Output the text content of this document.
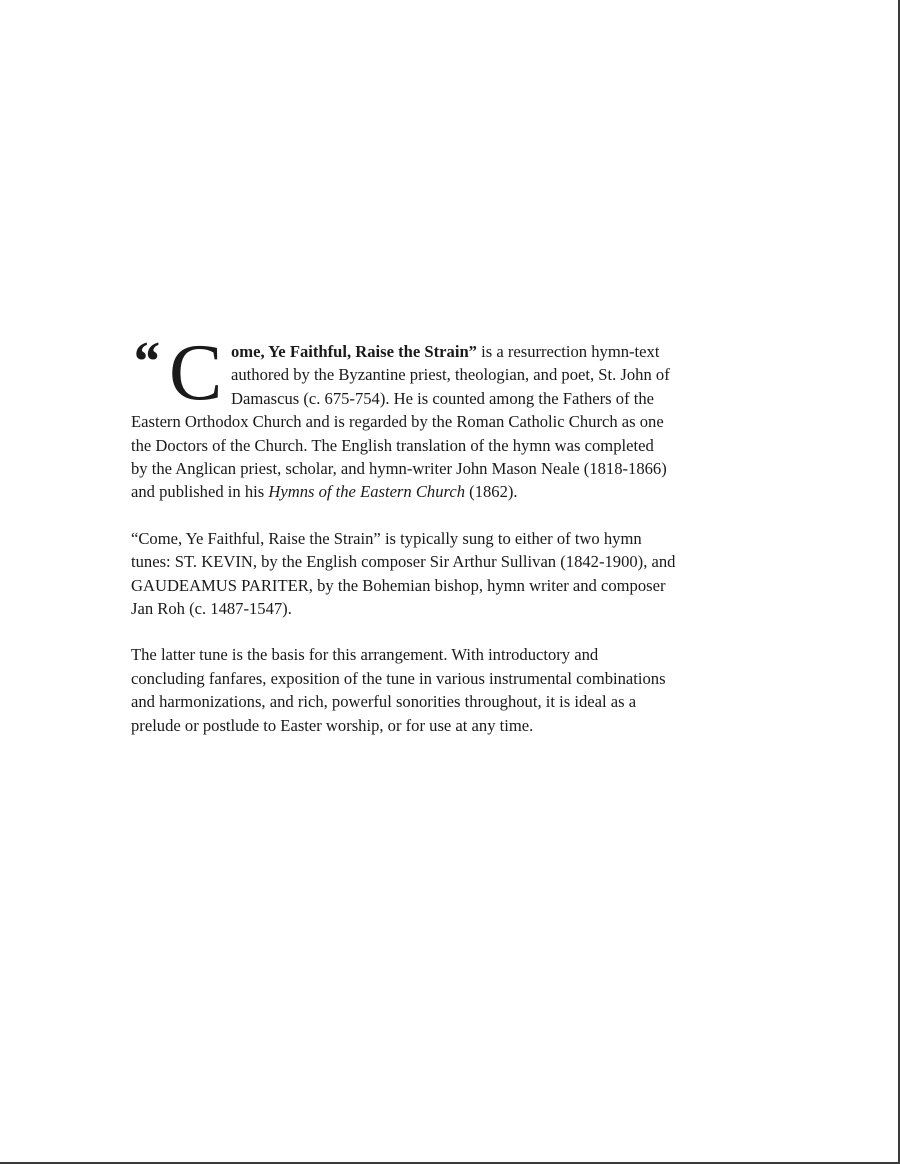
“ C ome, Ye Faithful, Raise the Strain” is a resurrection hymn-text
authored by the Byzantine priest, theologian, and poet, St. John of
Damascus (c. 675-754). He is counted among the Fathers of the
Eastern Orthodox Church and is regarded by the Roman Catholic Church as one
the Doctors of the Church. The English translation of the hymn was completed
by the Anglican priest, scholar, and hymn-writer John Mason Neale (1818-1866)
and published in his Hymns of the Eastern Church (1862).
“Come, Ye Faithful, Raise the Strain” is typically sung to either of two hymn
tunes: ST. KEVIN, by the English composer Sir Arthur Sullivan (1842-1900), and
GAUDEAMUS PARITER, by the Bohemian bishop, hymn writer and composer
Jan Roh (c. 1487-1547).
The latter tune is the basis for this arrangement. With introductory and
concluding fanfares, exposition of the tune in various instrumental combinations
and harmonizations, and rich, powerful sonorities throughout, it is ideal as a
prelude or postlude to Easter worship, or for use at any time.
